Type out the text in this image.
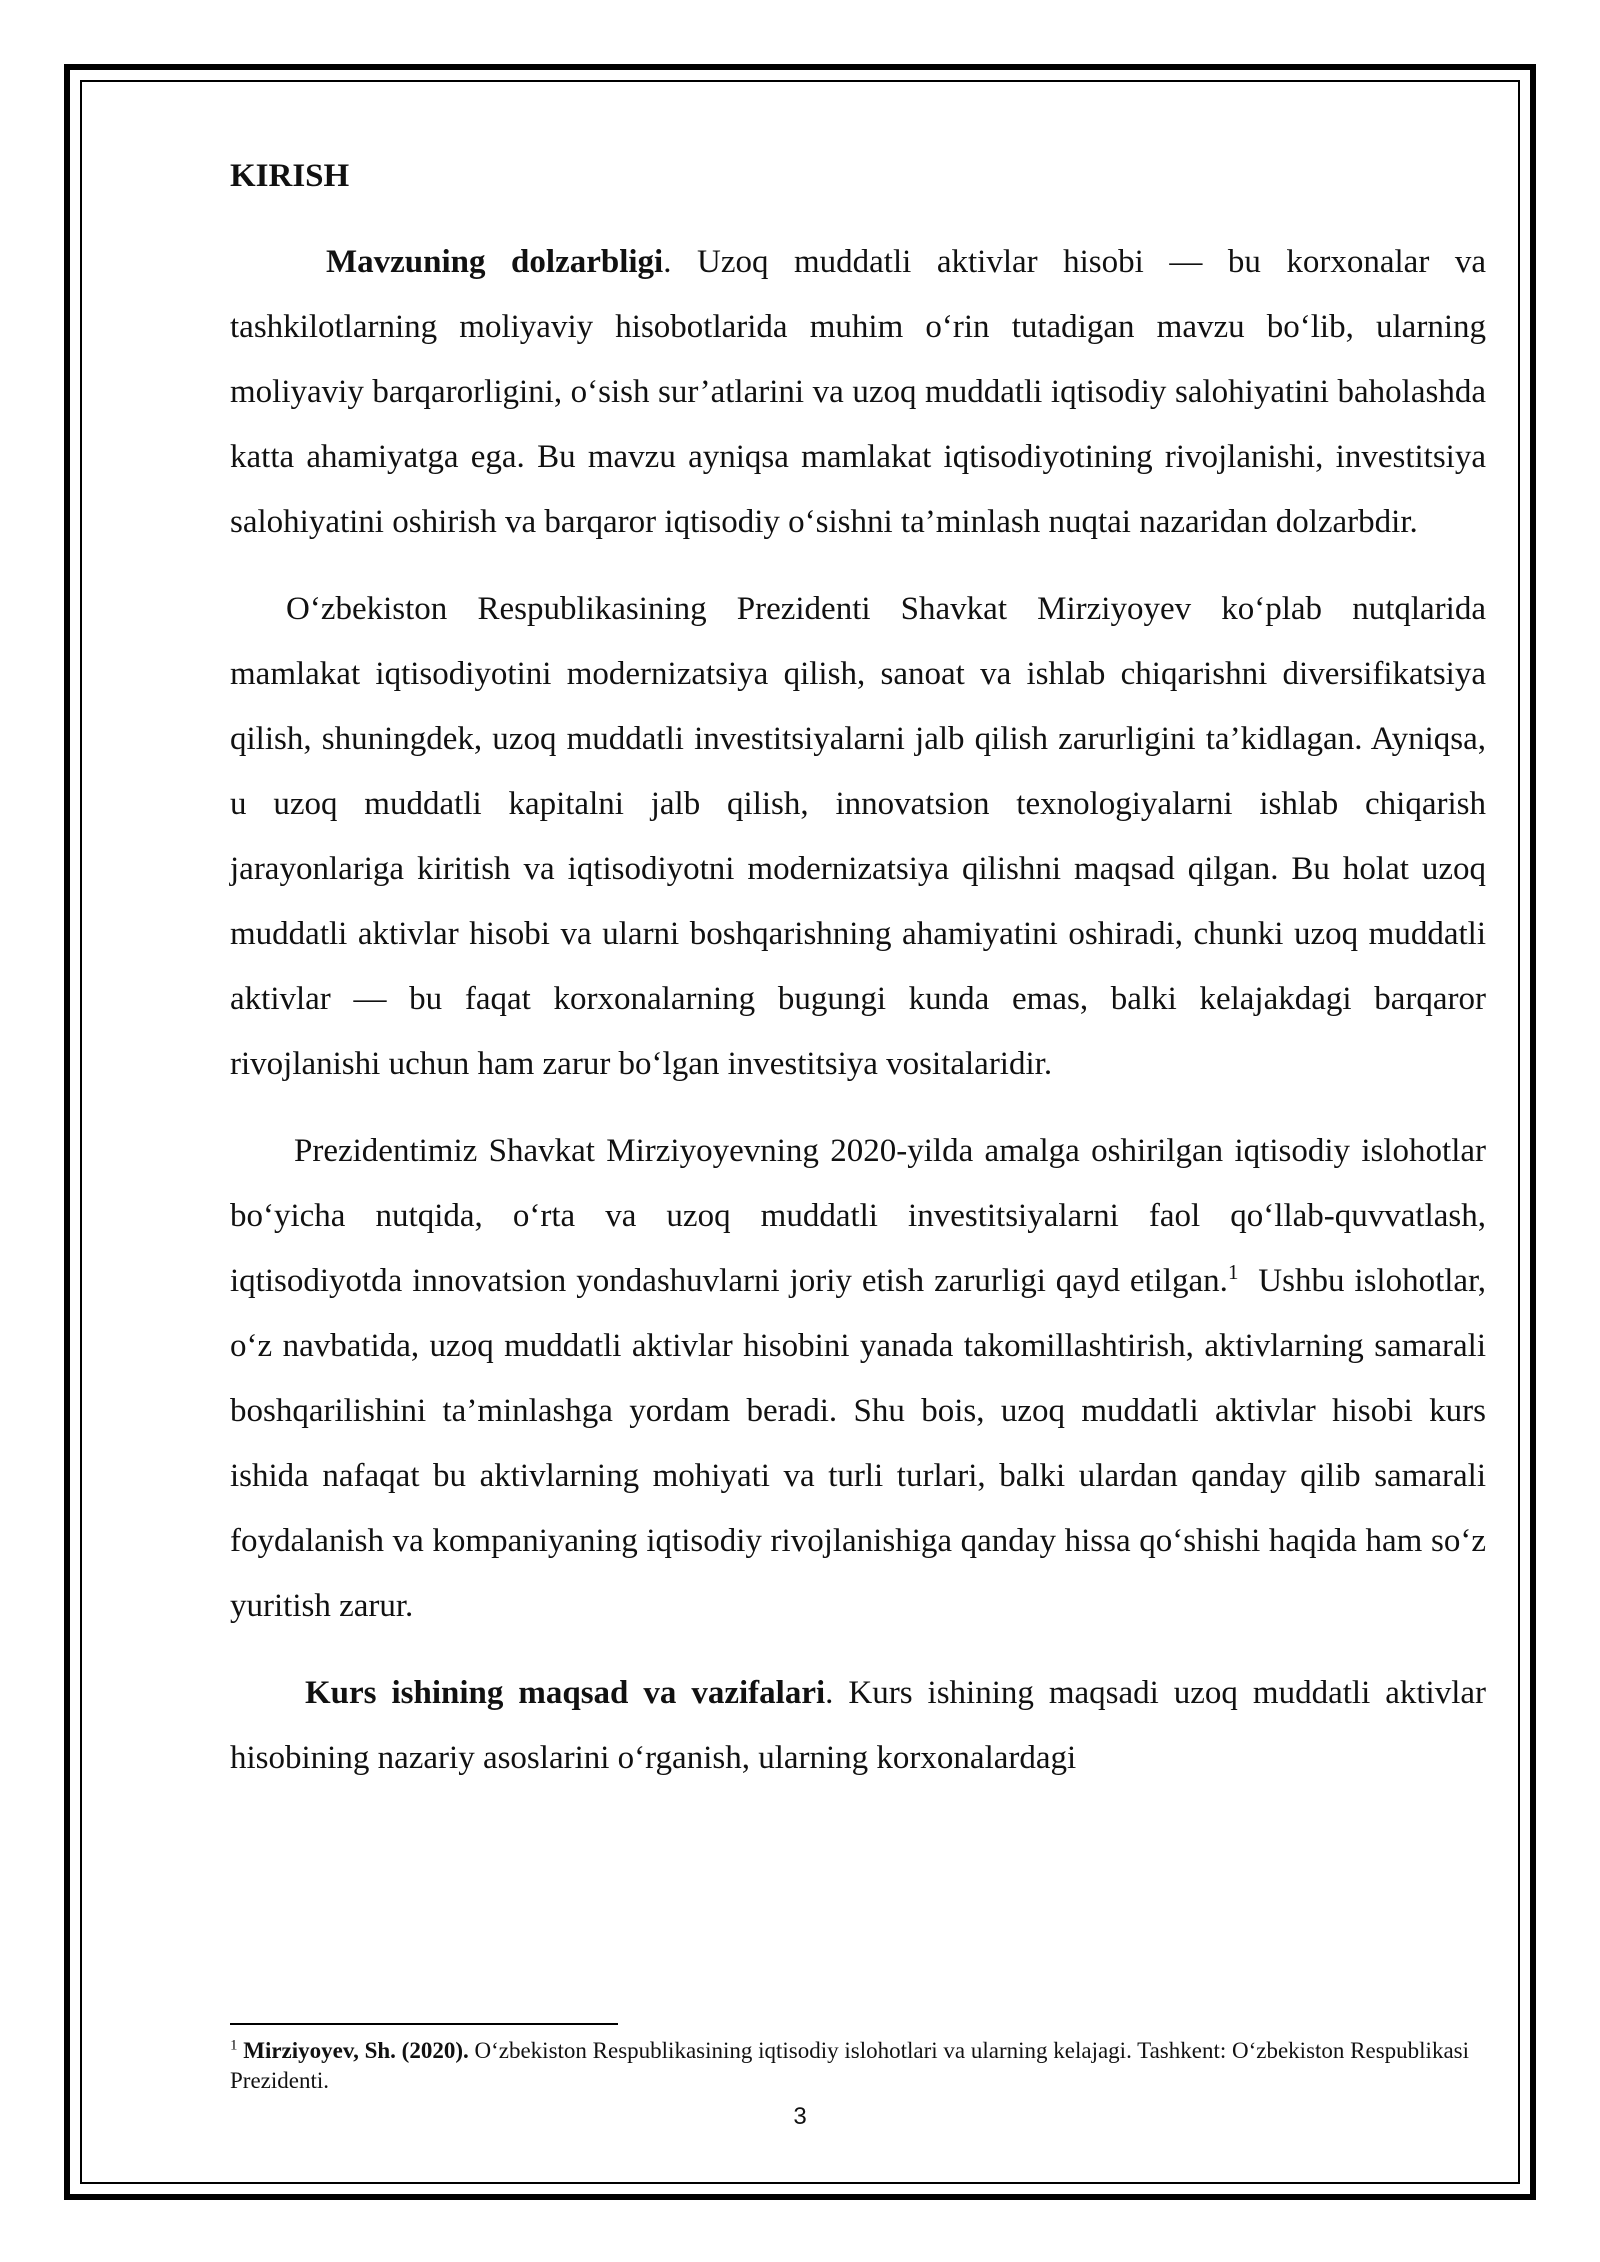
KIRISH

Mavzuning dolzarbligi. Uzoq muddatli aktivlar hisobi — bu korxonalar va tashkilotlarning moliyaviy hisobotlarida muhim o‘rin tutadigan mavzu bo‘lib, ularning moliyaviy barqarorligini, o‘sish sur’atlarini va uzoq muddatli iqtisodiy salohiyatini baholashda katta ahamiyatga ega. Bu mavzu ayniqsa mamlakat iqtisodiyotining rivojlanishi, investitsiya salohiyatini oshirish va barqaror iqtisodiy o‘sishni ta’minlash nuqtai nazaridan dolzarbdir.

O‘zbekiston Respublikasining Prezidenti Shavkat Mirziyoyev ko‘plab nutqlarida mamlakat iqtisodiyotini modernizatsiya qilish, sanoat va ishlab chiqarishni diversifikatsiya qilish, shuningdek, uzoq muddatli investitsiyalarni jalb qilish zarurligini ta’kidlagan. Ayniqsa, u uzoq muddatli kapitalni jalb qilish, innovatsion texnologiyalarni ishlab chiqarish jarayonlariga kiritish va iqtisodiyotni modernizatsiya qilishni maqsad qilgan. Bu holat uzoq muddatli aktivlar hisobi va ularni boshqarishning ahamiyatini oshiradi, chunki uzoq muddatli aktivlar — bu faqat korxonalarning bugungi kunda emas, balki kelajakdagi barqaror rivojlanishi uchun ham zarur bo‘lgan investitsiya vositalaridir.

Prezidentimiz Shavkat Mirziyoyevning 2020-yilda amalga oshirilgan iqtisodiy islohotlar bo‘yicha nutqida, o‘rta va uzoq muddatli investitsiyalarni faol qo‘llab-quvvatlash, iqtisodiyotda innovatsion yondashuvlarni joriy etish zarurligi qayd etilgan.$^1$  Ushbu islohotlar, o‘z navbatida, uzoq muddatli aktivlar hisobini yanada takomillashtirish, aktivlarning samarali boshqarilishini ta’minlashga yordam beradi. Shu bois, uzoq muddatli aktivlar hisobi kurs ishida nafaqat bu aktivlarning mohiyati va turli turlari, balki ulardan qanday qilib samarali foydalanish va kompaniyaning iqtisodiy rivojlanishiga qanday hissa qo‘shishi haqida ham so‘z yuritish zarur.

Kurs ishining maqsad va vazifalari. Kurs ishining maqsadi uzoq muddatli aktivlar hisobining nazariy asoslarini o‘rganish, ularning korxonalardagi

$^1$ Mirziyoyev, Sh. (2020). O‘zbekiston Respublikasining iqtisodiy islohotlari va ularning kelajagi. Tashkent: O‘zbekiston Respublikasi Prezidenti.
3
